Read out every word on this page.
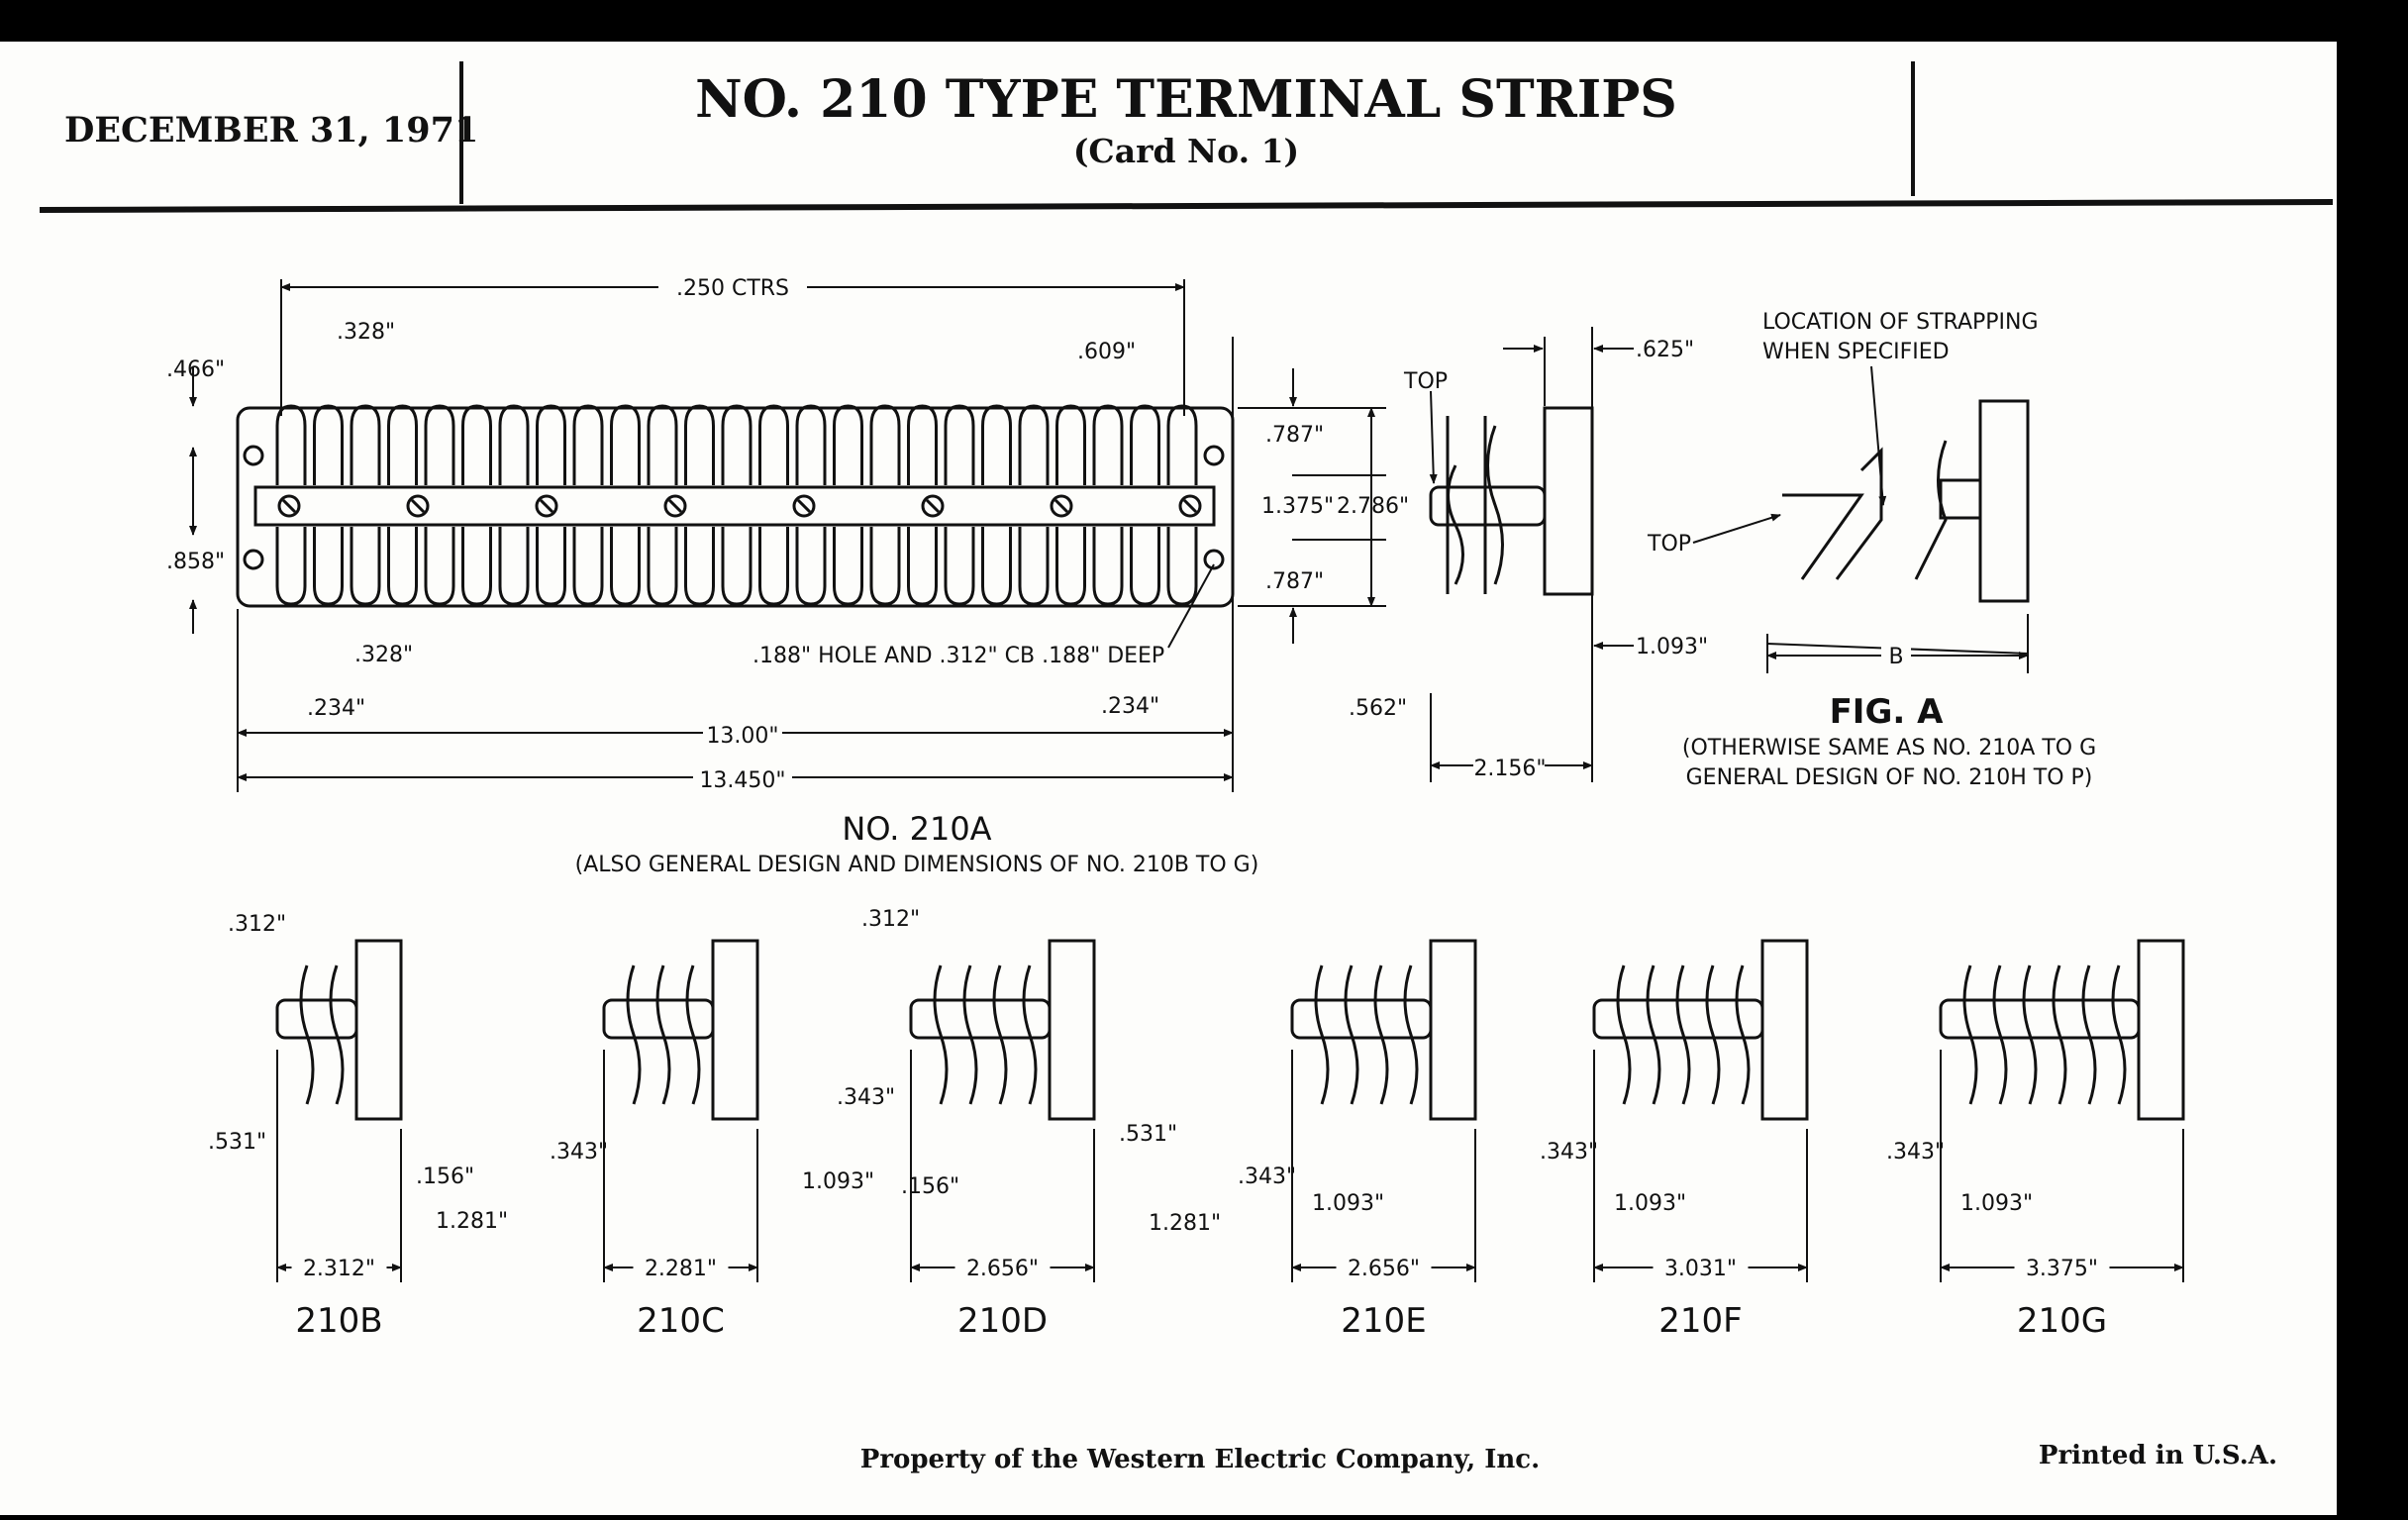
DECEMBER 31, 1971
NO. 210 TYPE TERMINAL STRIPS
(Card No. 1)
.250 CTRS
.328"
.609"
.466"
.858"
.787"
1.375" 2.786"
.787"
.328"	.188" HOLE AND .312" CB .188" DEEP
.234"	.234"
13.00"
13.450"
NO. 210A
(ALSO GENERAL DESIGN AND DIMENSIONS OF NO. 210B TO G)
TOP
.625"
1.093"
.562"
2.156"
LOCATION OF STRAPPING
WHEN SPECIFIED
TOP
B
FIG. A
(OTHERWISE SAME AS NO. 210A TO G
GENERAL DESIGN OF NO. 210H TO P)
2.312"
210B
.312"
.531"
.156"
1.281"
2.281"
210C
.343"
1.093"
2.656"
210D
.312"
.343"
.531"
.156"
1.281"
2.656"
210E
.343"
1.093"
3.031"
210F
.343"
1.093"
3.375"
210G
.343"
1.093"
Property of the Western Electric Company, Inc.	Printed in U.S.A.
